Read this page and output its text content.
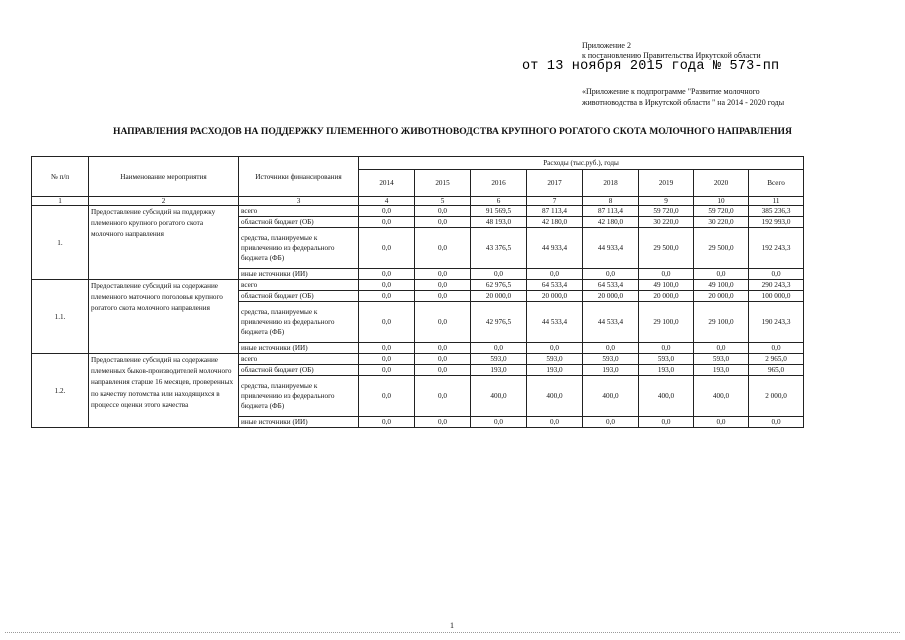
Приложение 2
к постановлению Правительства Иркутской области
от 13 ноября 2015 года № 573-пп
«Приложение к подпрограмме "Развитие молочного животноводства в Иркутской области " на 2014 - 2020 годы
НАПРАВЛЕНИЯ РАСХОДОВ НА ПОДДЕРЖКУ ПЛЕМЕННОГО ЖИВОТНОВОДСТВА КРУПНОГО РОГАТОГО СКОТА МОЛОЧНОГО НАПРАВЛЕНИЯ
№ п/п	Наименование мероприятия	Источники финансирования	Расходы (тыс.руб.), годы							
			2014	2015	2016	2017	2018	2019	2020	Всего
1	2	3	4	5	6	7	8	9	10	11
1.	Предоставление субсидий на поддержку племенного крупного рогатого скота молочного направления	всего	0,0	0,0	91 569,5	87 113,4	87 113,4	59 720,0	59 720,0	385 236,3
		областной бюджет (ОБ)	0,0	0,0	48 193,0	42 180,0	42 180,0	30 220,0	30 220,0	192 993,0
		средства, планируемые к привлечению из федерального бюджета (ФБ)	0,0	0,0	43 376,5	44 933,4	44 933,4	29 500,0	29 500,0	192 243,3
		иные источники (ИИ)	0,0	0,0	0,0	0,0	0,0	0,0	0,0	0,0
1.1.	Предоставление субсидий на содержание племенного маточного поголовья крупного рогатого скота молочного направления	всего	0,0	0,0	62 976,5	64 533,4	64 533,4	49 100,0	49 100,0	290 243,3
		областной бюджет (ОБ)	0,0	0,0	20 000,0	20 000,0	20 000,0	20 000,0	20 000,0	100 000,0
		средства, планируемые к привлечению из федерального бюджета (ФБ)	0,0	0,0	42 976,5	44 533,4	44 533,4	29 100,0	29 100,0	190 243,3
		иные источники (ИИ)	0,0	0,0	0,0	0,0	0,0	0,0	0,0	0,0
1.2.	Предоставление субсидий на содержание племенных быков-производителей молочного направления старше 16 месяцев, проверенных по качеству потомства или находящихся в процессе оценки этого качества	всего	0,0	0,0	593,0	593,0	593,0	593,0	593,0	2 965,0
		областной бюджет (ОБ)	0,0	0,0	193,0	193,0	193,0	193,0	193,0	965,0
		средства, планируемые к привлечению из федерального бюджета (ФБ)	0,0	0,0	400,0	400,0	400,0	400,0	400,0	2 000,0
		иные источники (ИИ)	0,0	0,0	0,0	0,0	0,0	0,0	0,0	0,0
1
